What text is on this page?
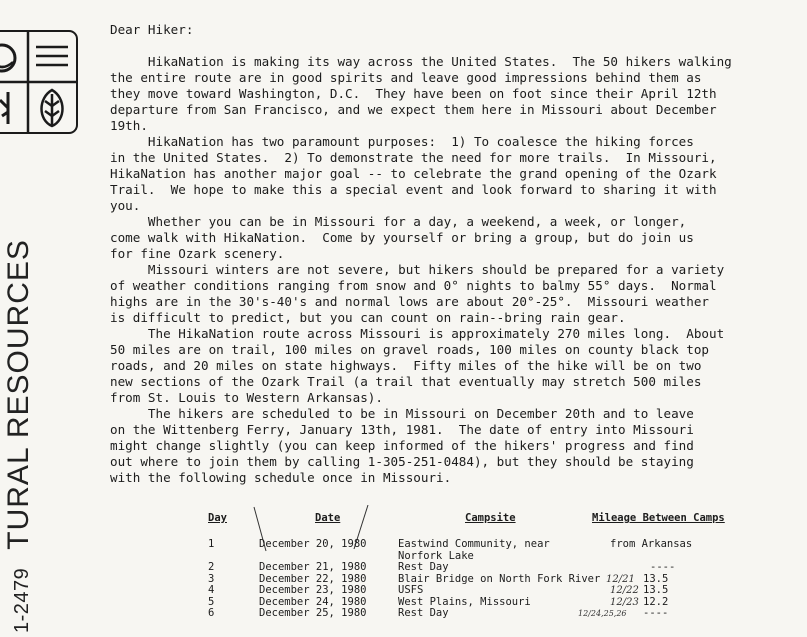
1-2479TURAL RESOURCES
Dear Hiker:

HikaNation is making its way across the United States.  The 50 hikers walking
the entire route are in good spirits and leave good impressions behind them as
they move toward Washington, D.C.  They have been on foot since their April 12th
departure from San Francisco, and we expect them here in Missouri about December
19th.

HikaNation has two paramount purposes:  1) To coalesce the hiking forces
in the United States.  2) To demonstrate the need for more trails.  In Missouri,
HikaNation has another major goal -- to celebrate the grand opening of the Ozark
Trail.  We hope to make this a special event and look forward to sharing it with
you.

Whether you can be in Missouri for a day, a weekend, a week, or longer,
come walk with HikaNation.  Come by yourself or bring a group, but do join us
for fine Ozark scenery.

Missouri winters are not severe, but hikers should be prepared for a variety
of weather conditions ranging from snow and 0° nights to balmy 55° days.  Normal
highs are in the 30's-40's and normal lows are about 20°-25°.  Missouri weather
is difficult to predict, but you can count on rain--bring rain gear.

The HikaNation route across Missouri is approximately 270 miles long.  About
50 miles are on trail, 100 miles on gravel roads, 100 miles on county black top
roads, and 20 miles on state highways.  Fifty miles of the hike will be on two
new sections of the Ozark Trail (a trail that eventually may stretch 500 miles
from St. Louis to Western Arkansas).

The hikers are scheduled to be in Missouri on December 20th and to leave
on the Wittenberg Ferry, January 13th, 1981.  The date of entry into Missouri
might change slightly (you can keep informed of the hikers' progress and find
out where to join them by calling 1-305-251-0484), but they should be staying
with the following schedule once in Missouri.

Day	Date	Campsite	Mileage Between Camps
1	December 20, 1980	Eastwind Community, near	from Arkansas
Norfork Lake
2	December 21, 1980	Rest Day	----
3	December 22, 1980	Blair Bridge on North Fork River 12/21 13.5
4	December 23, 1980	USFS	12/22 13.5
5	December 24, 1980	West Plains, Missouri	12/23 12.2
6	December 25, 1980	Rest Day	12/24,25,26 ----
